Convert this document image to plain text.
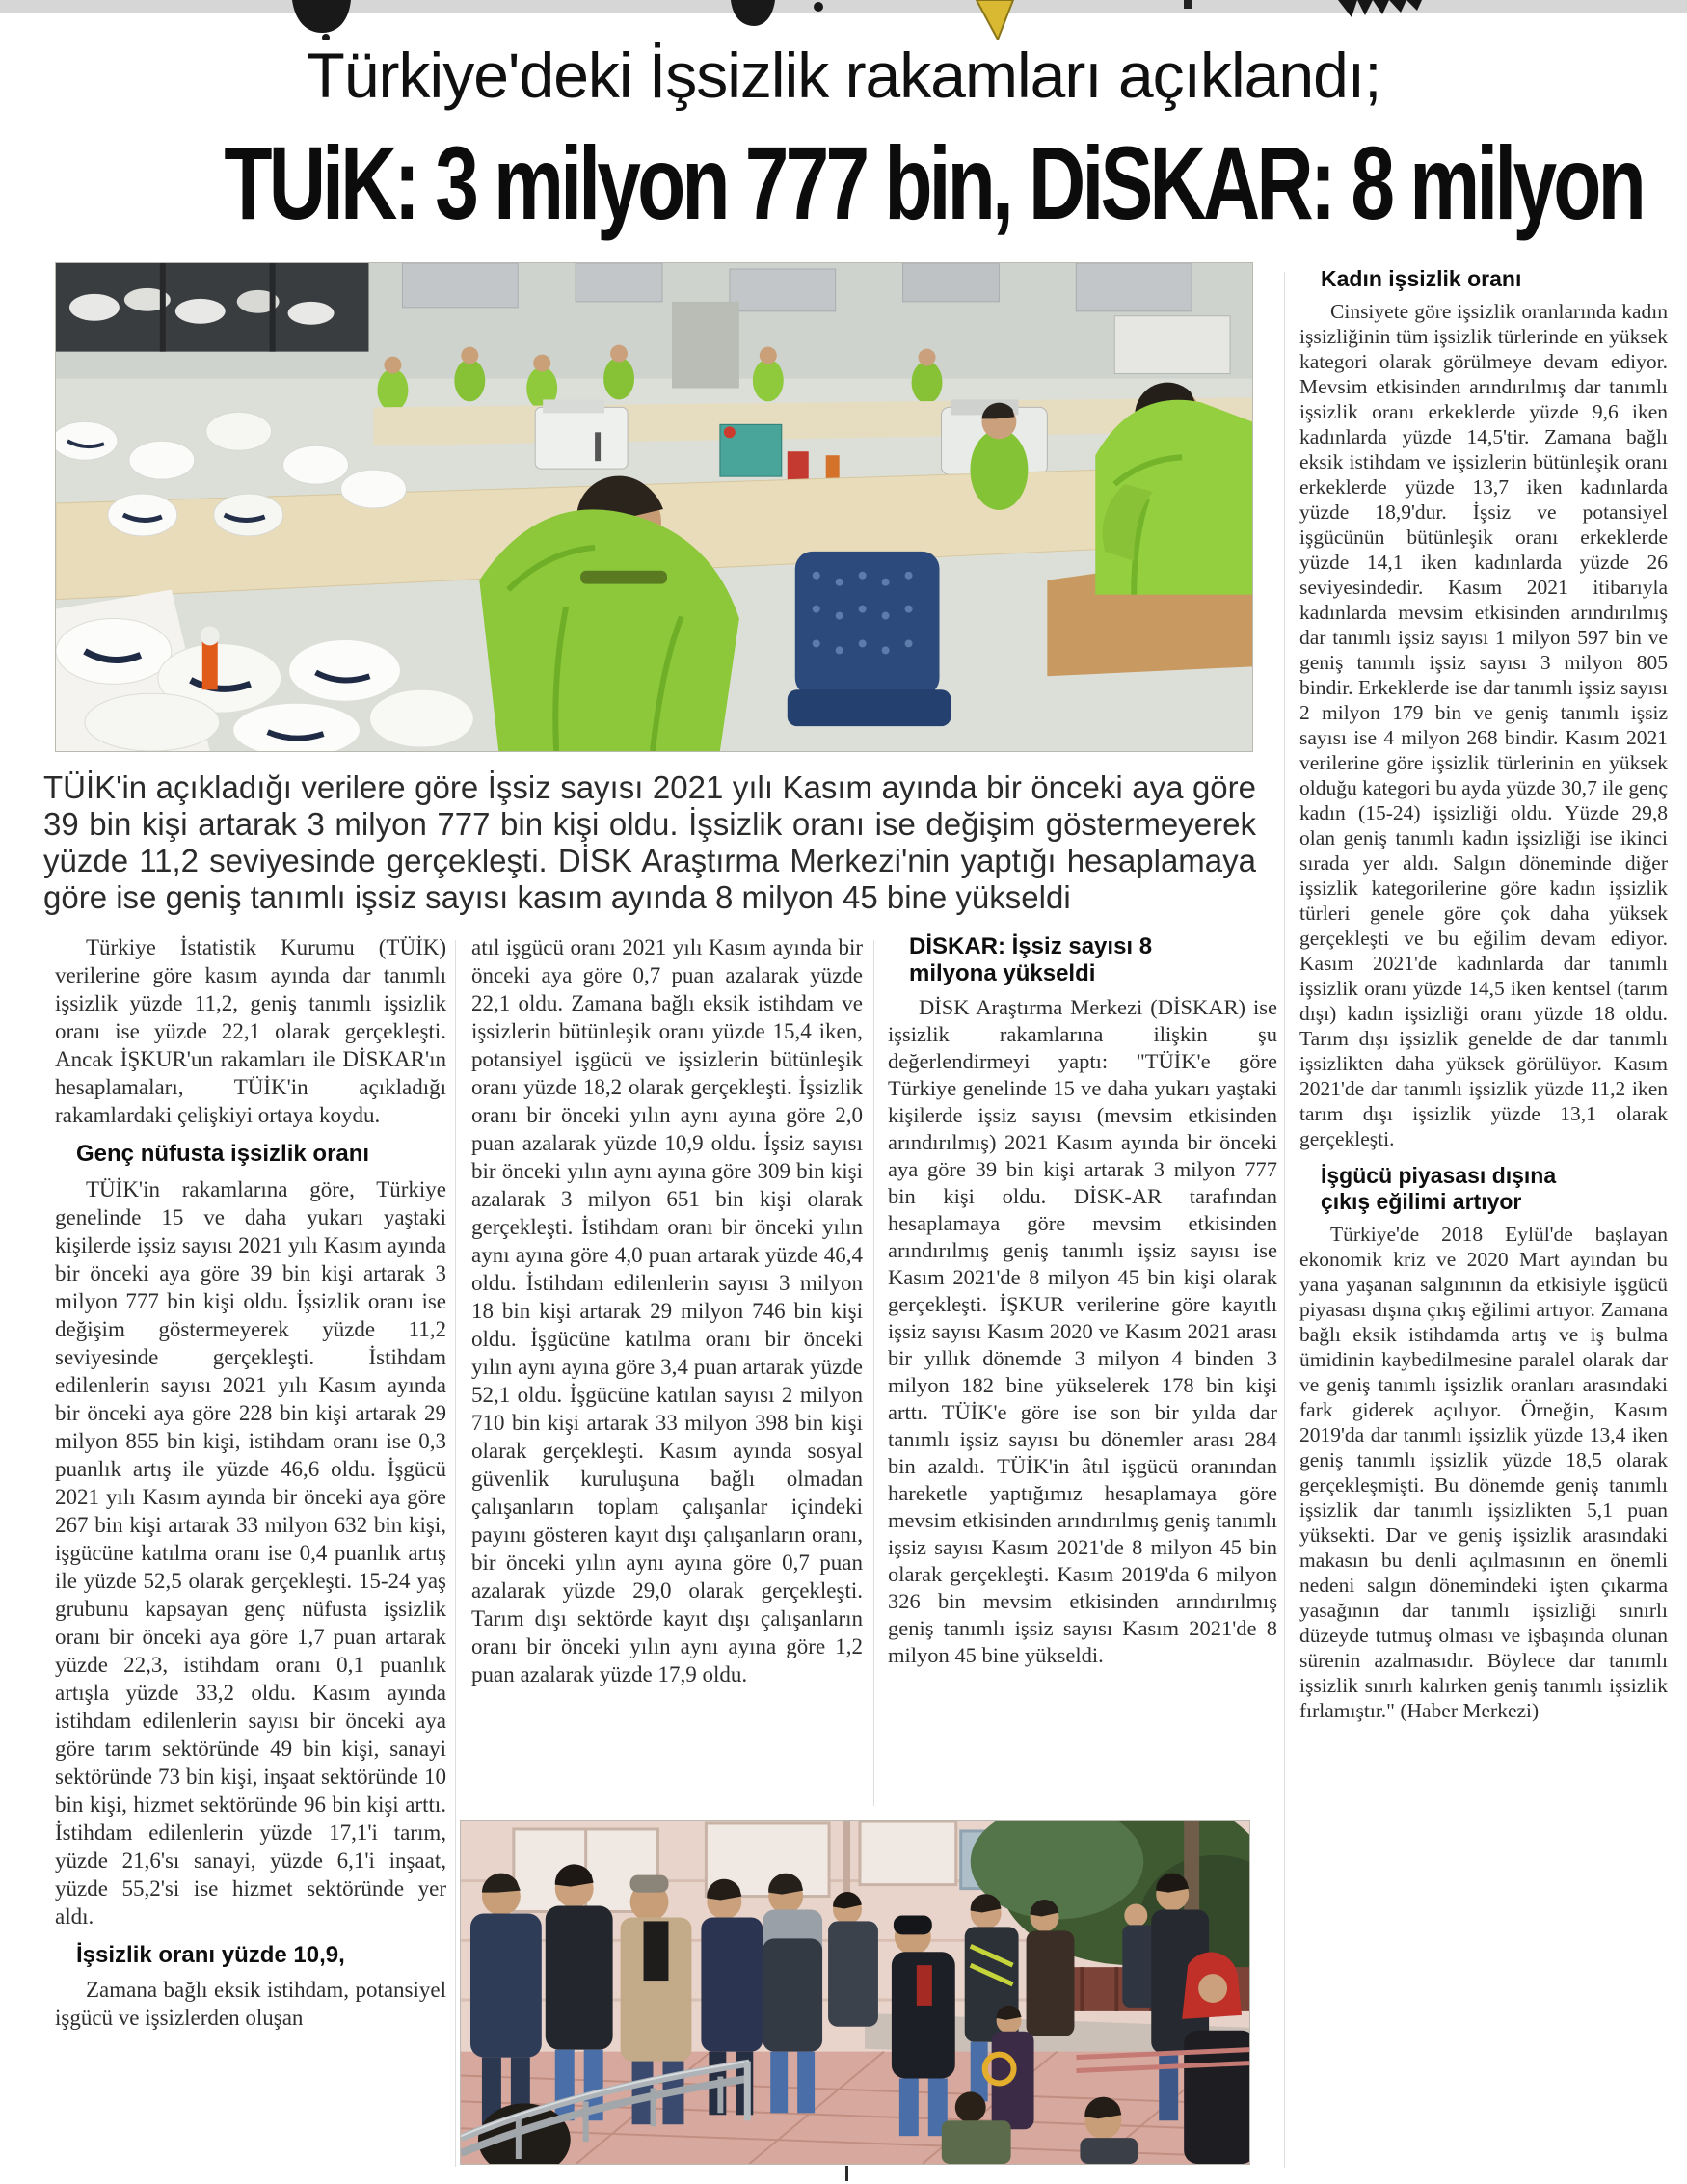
Türkiye'deki İşsizlik rakamları açıklandı;
TUiK: 3 milyon 777 bin, DiSKAR: 8 milyon
TÜİK'in açıkladığı verilere göre İşsiz sayısı 2021 yılı Kasım ayında bir önceki aya göre 39 bin kişi artarak 3 milyon 777 bin kişi oldu. İşsizlik oranı ise değişim göstermeyerek yüzde 11,2 seviyesinde gerçekleşti. DİSK Araştırma Merkezi'nin yaptığı hesaplamaya göre ise geniş tanımlı işsiz sayısı kasım ayında 8 milyon 45 bine yükseldi

Türkiye İstatistik Kurumu (TÜİK) verilerine göre kasım ayında dar tanımlı işsizlik yüzde 11,2, geniş tanımlı işsizlik oranı ise yüzde 22,1 olarak gerçekleşti. Ancak İŞKUR'un rakamları ile DİSKAR'ın hesaplamaları, TÜİK'in açıkladığı rakamlardaki çelişkiyi ortaya koydu.

Genç nüfusta işsizlik oranı

TÜİK'in rakamlarına göre, Türkiye genelinde 15 ve daha yukarı yaştaki kişilerde işsiz sayısı 2021 yılı Kasım ayında bir önceki aya göre 39 bin kişi artarak 3 milyon 777 bin kişi oldu. İşsizlik oranı ise değişim göstermeyerek yüzde 11,2 seviyesinde gerçekleşti. İstihdam edilenlerin sayısı 2021 yılı Kasım ayında bir önceki aya göre 228 bin kişi artarak 29 milyon 855 bin kişi, istihdam oranı ise 0,3 puanlık artış ile yüzde 46,6 oldu. İşgücü 2021 yılı Kasım ayında bir önceki aya göre 267 bin kişi artarak 33 milyon 632 bin kişi, işgücüne katılma oranı ise 0,4 puanlık artış ile yüzde 52,5 olarak gerçekleşti. 15-24 yaş grubunu kapsayan genç nüfusta işsizlik oranı bir önceki aya göre 1,7 puan artarak yüzde 22,3, istihdam oranı 0,1 puanlık artışla yüzde 33,2 oldu. Kasım ayında istihdam edilenlerin sayısı bir önceki aya göre tarım sektöründe 49 bin kişi, sanayi sektöründe 73 bin kişi, inşaat sektöründe 10 bin kişi, hizmet sektöründe 96 bin kişi arttı. İstihdam edilenlerin yüzde 17,1'i tarım, yüzde 21,6'sı sanayi, yüzde 6,1'i inşaat, yüzde 55,2'si ise hizmet sektöründe yer aldı.

İşsizlik oranı yüzde 10,9,

Zamana bağlı eksik istihdam, potansiyel işgücü ve işsizlerden oluşan

atıl işgücü oranı 2021 yılı Kasım ayında bir önceki aya göre 0,7 puan azalarak yüzde 22,1 oldu. Zamana bağlı eksik istihdam ve işsizlerin bütünleşik oranı yüzde 15,4 iken, potansiyel işgücü ve işsizlerin bütünleşik oranı yüzde 18,2 olarak gerçekleşti. İşsizlik oranı bir önceki yılın aynı ayına göre 2,0 puan azalarak yüzde 10,9 oldu. İşsiz sayısı bir önceki yılın aynı ayına göre 309 bin kişi azalarak 3 milyon 651 bin kişi olarak gerçekleşti. İstihdam oranı bir önceki yılın aynı ayına göre 4,0 puan artarak yüzde 46,4 oldu. İstihdam edilenlerin sayısı 3 milyon 18 bin kişi artarak 29 milyon 746 bin kişi oldu. İşgücüne katılma oranı bir önceki yılın aynı ayına göre 3,4 puan artarak yüzde 52,1 oldu. İşgücüne katılan sayısı 2 milyon 710 bin kişi artarak 33 milyon 398 bin kişi olarak gerçekleşti. Kasım ayında sosyal güvenlik kuruluşuna bağlı olmadan çalışanların toplam çalışanlar içindeki payını gösteren kayıt dışı çalışanların oranı, bir önceki yılın aynı ayına göre 0,7 puan azalarak yüzde 29,0 olarak gerçekleşti. Tarım dışı sektörde kayıt dışı çalışanların oranı bir önceki yılın aynı ayına göre 1,2 puan azalarak yüzde 17,9 oldu.

DİSKAR: İşsiz sayısı 8 milyona yükseldi

DİSK Araştırma Merkezi (DİSKAR) ise işsizlik rakamlarına ilişkin şu değerlendirmeyi yaptı: "TÜİK'e göre Türkiye genelinde 15 ve daha yukarı yaştaki kişilerde işsiz sayısı (mevsim etkisinden arındırılmış) 2021 Kasım ayında bir önceki aya göre 39 bin kişi artarak 3 milyon 777 bin kişi oldu. DİSK-AR tarafından hesaplamaya göre mevsim etkisinden arındırılmış geniş tanımlı işsiz sayısı ise Kasım 2021'de 8 milyon 45 bin kişi olarak gerçekleşti. İŞKUR verilerine göre kayıtlı işsiz sayısı Kasım 2020 ve Kasım 2021 arası bir yıllık dönemde 3 milyon 4 binden 3 milyon 182 bine yükselerek 178 bin kişi arttı. TÜİK'e göre ise son bir yılda dar tanımlı işsiz sayısı bu dönemler arası 284 bin azaldı. TÜİK'in âtıl işgücü oranından hareketle yaptığımız hesaplamaya göre mevsim etkisinden arındırılmış geniş tanımlı işsiz sayısı Kasım 2021'de 8 milyon 45 bin olarak gerçekleşti. Kasım 2019'da 6 milyon 326 bin mevsim etkisinden arındırılmış geniş tanımlı işsiz sayısı Kasım 2021'de 8 milyon 45 bine yükseldi.

Kadın işsizlik oranı

Cinsiyete göre işsizlik oranlarında kadın işsizliğinin tüm işsizlik türlerinde en yüksek kategori olarak görülmeye devam ediyor. Mevsim etkisinden arındırılmış dar tanımlı işsizlik oranı erkeklerde yüzde 9,6 iken kadınlarda yüzde 14,5'tir. Zamana bağlı eksik istihdam ve işsizlerin bütünleşik oranı erkeklerde yüzde 13,7 iken kadınlarda yüzde 18,9'dur. İşsiz ve potansiyel işgücünün bütünleşik oranı erkeklerde yüzde 14,1 iken kadınlarda yüzde 26 seviyesindedir. Kasım 2021 itibarıyla kadınlarda mevsim etkisinden arındırılmış dar tanımlı işsiz sayısı 1 milyon 597 bin ve geniş tanımlı işsiz sayısı 3 milyon 805 bindir. Erkeklerde ise dar tanımlı işsiz sayısı 2 milyon 179 bin ve geniş tanımlı işsiz sayısı ise 4 milyon 268 bindir. Kasım 2021 verilerine göre işsizlik türlerinin en yüksek olduğu kategori bu ayda yüzde 30,7 ile genç kadın (15-24) işsizliği oldu. Yüzde 29,8 olan geniş tanımlı kadın işsizliği ise ikinci sırada yer aldı. Salgın döneminde diğer işsizlik kategorilerine göre kadın işsizlik türleri genele göre çok daha yüksek gerçekleşti ve bu eğilim devam ediyor. Kasım 2021'de kadınlarda dar tanımlı işsizlik oranı yüzde 14,5 iken kentsel (tarım dışı) kadın işsizliği oranı yüzde 18 oldu. Tarım dışı işsizlik genelde de dar tanımlı işsizlikten daha yüksek görülüyor. Kasım 2021'de dar tanımlı işsizlik yüzde 11,2 iken tarım dışı işsizlik yüzde 13,1 olarak gerçekleşti.

İşgücü piyasası dışına çıkış eğilimi artıyor

Türkiye'de 2018 Eylül'de başlayan ekonomik kriz ve 2020 Mart ayından bu yana yaşanan salgınının da etkisiyle işgücü piyasası dışına çıkış eğilimi artıyor. Zamana bağlı eksik istihdamda artış ve iş bulma ümidinin kaybedilmesine paralel olarak dar ve geniş tanımlı işsizlik oranları arasındaki fark giderek açılıyor. Örneğin, Kasım 2019'da dar tanımlı işsizlik yüzde 13,4 iken geniş tanımlı işsizlik yüzde 18,5 olarak gerçekleşmişti. Bu dönemde geniş tanımlı işsizlik dar tanımlı işsizlikten 5,1 puan yüksekti. Dar ve geniş işsizlik arasındaki makasın bu denli açılmasının en önemli nedeni salgın dönemindeki işten çıkarma yasağının dar tanımlı işsizliği sınırlı düzeyde tutmuş olması ve işbaşında olunan sürenin azalmasıdır. Böylece dar tanımlı işsizlik sınırlı kalırken geniş tanımlı işsizlik fırlamıştır." (Haber Merkezi)
